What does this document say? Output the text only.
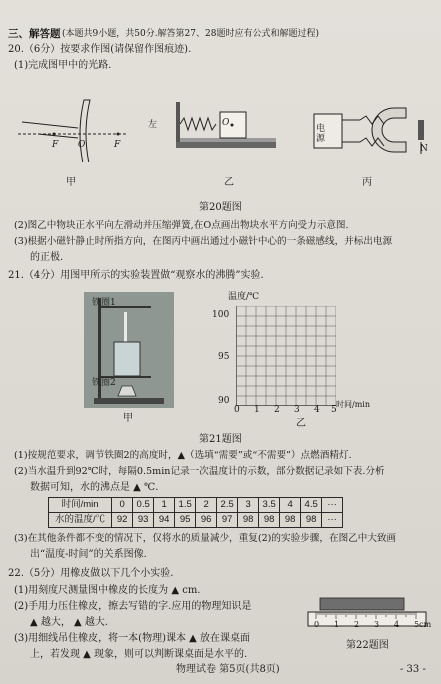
三、解答题 (本题共9小题，共50分.解答第27、28题时应有公式和解题过程)
20.（6分）按要求作图(请保留作图痕迹).
(1)完成图甲中的光路.
F O	F
左	O
电
源
N
甲	乙	丙
第20题图
(2)图乙中物块正水平向左滑动并压缩弹簧,在O点画出物块水平方向受力示意图.
(3)根据小磁针静止时所指方向，在图丙中画出通过小磁针中心的一条磁感线，并标出电源
的正极.
21.（4分）用图甲所示的实验装置做“观察水的沸腾”实验.
铁圈1
铁圈2
甲
温度/℃
100
95
90
0 1 2 3 4 5
时间/min
乙
第21题图
(1)按规范要求，调节铁圈2的高度时，▲（选填“需要”或“不需要”）点燃酒精灯.
(2)当水温升到92℃时，每隔0.5min记录一次温度计的示数，部分数据记录如下表.分析
数据可知，水的沸点是 ▲ ℃.
时间/min	0	0.5	1	1.5	2	2.5	3	3.5	4	4.5	···
水的温度/℃	92	93	94	95	96	97	98	98	98	98	···
(3)在其他条件都不变的情况下，仅将水的质量减少，重复(2)的实验步骤，在图乙中大致画
出“温度-时间”的关系图像.
22.（5分）用橡皮做以下几个小实验.
(1)用刻度尺测量图中橡皮的长度为 ▲ cm.
(2)手用力压住橡皮，擦去写错的字.应用的物理知识是
▲ 越大， ▲ 越大.
(3)用细线吊住橡皮，将一本(物理)课本 ▲ 放在课桌面
上，若发现 ▲ 现象，则可以判断课桌面是水平的.
0 1 2 3 4 5cm
第22题图
物理试卷 第5页(共8页)	- 33 -
